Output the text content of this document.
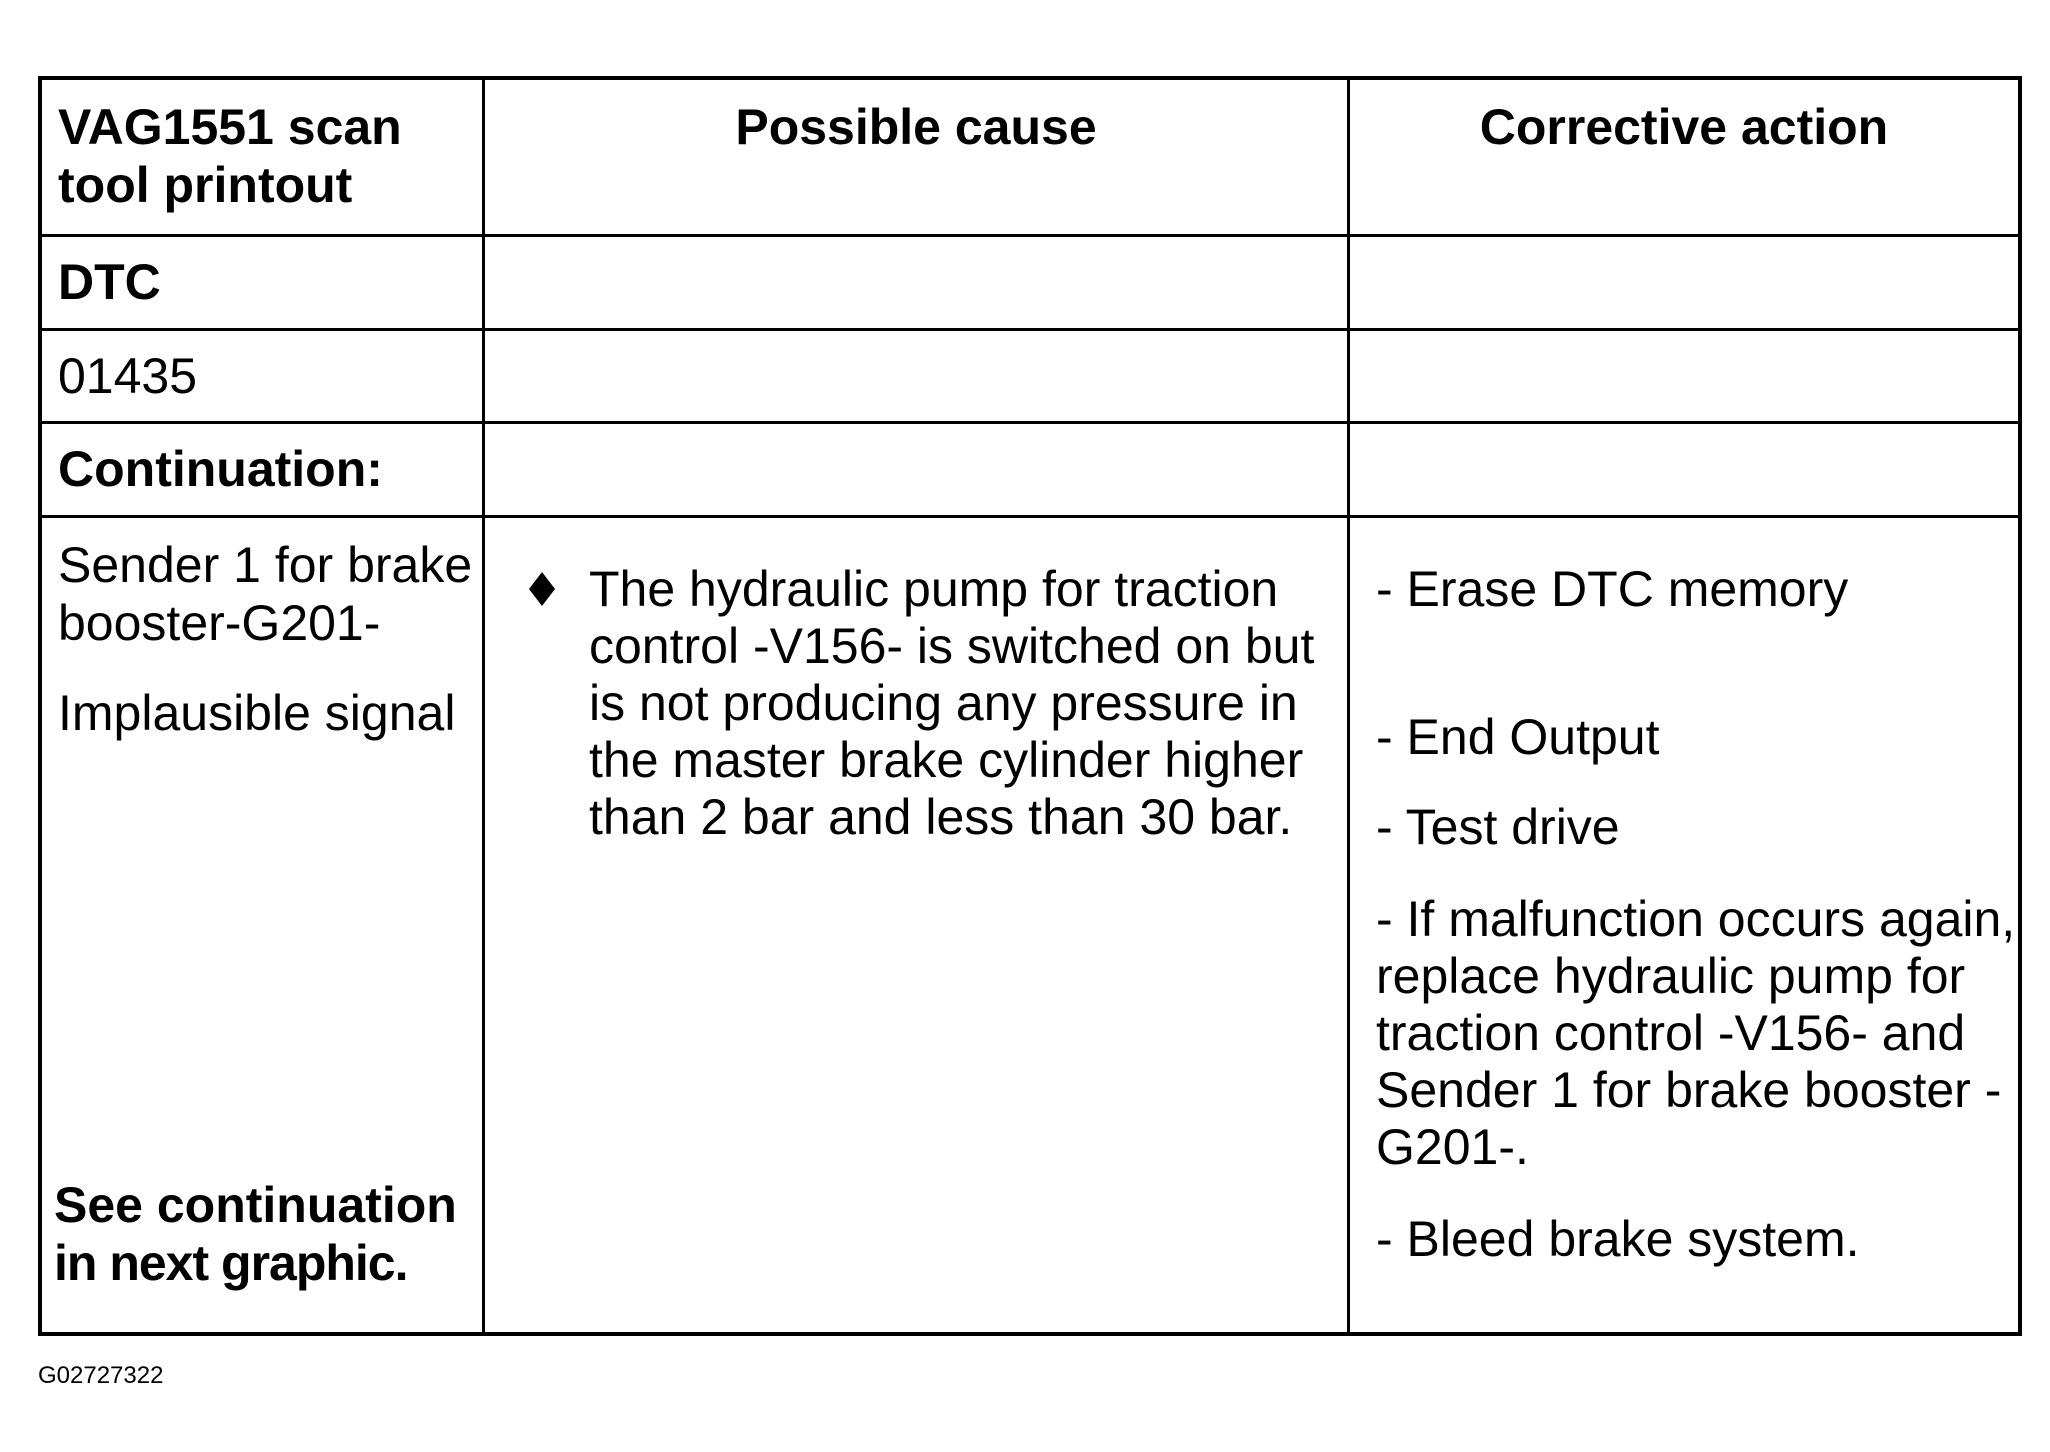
VAG1551 scan
tool printout
Possible cause	Corrective action
DTC
01435
Continuation:
Sender 1 for brake
booster-G201-
Implausible signal
See continuation
in next graphic.
The hydraulic pump for traction
control -V156- is switched on but
is not producing any pressure in
the master brake cylinder higher
than 2 bar and less than 30 bar.
- Erase DTC memory
- End Output
- Test drive
- If malfunction occurs again,
replace hydraulic pump for
traction control -V156- and
Sender 1 for brake booster -
G201-.
- Bleed brake system.
G02727322
